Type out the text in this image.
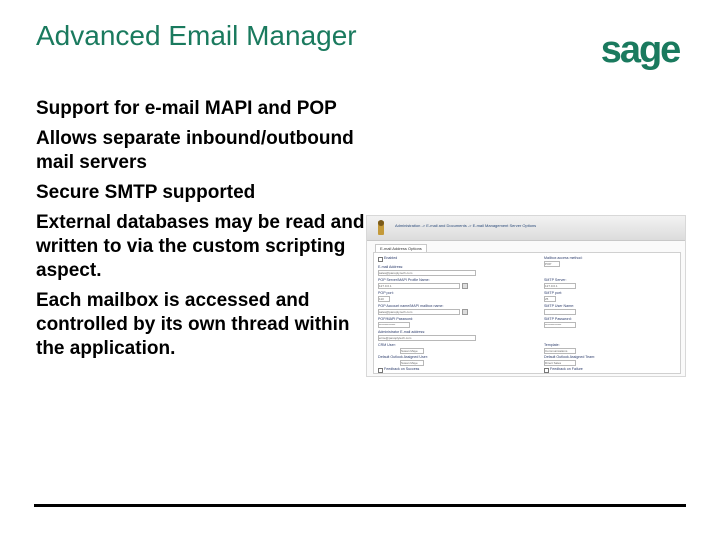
Advanced Email Manager	sage
Support for e-mail MAPI and POP
Allows separate inbound/outbound mail servers
Secure SMTP supported
External databases may be read and written to via the custom scripting aspect.
Each mailbox is accessed and controlled by its own thread within the application.
Administration -> E-mail and Documents -> E-mail Management Server Options
E-mail Address Options
Enabled
E-mail Address:
sales@panoply.tech.com
POP Server/MAPI Profile Name:
127.0.0.1
POP port:
110
POP Account name/MAPI mailbox name:
sales@panoply.tech.com
POP/MAPI Password:
**************
Administrator E-mail address:
ernie@panoplytech.com
CRM User:
Susan Maye
Default Outlook Assigned User:
Susan Maye
Feedback on Success
Mailbox access method:
POP
SMTP Server:
127.0.0.1
SMTP port:
25
SMTP User Name:
SMTP Password:
**************
Template:
Communications
Default Outlook Assigned Team:
Direct Sales
Feedback on Failure
